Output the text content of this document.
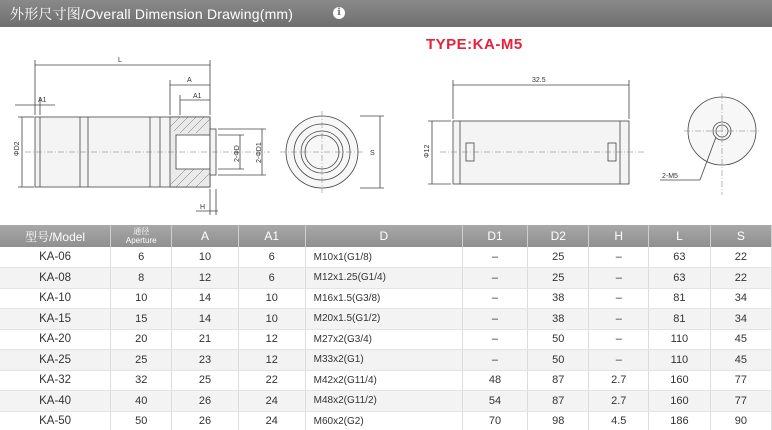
外形尺寸图/Overall Dimension Drawing(mm)	ℹ
TYPE:KA-M5
L
A
A1
A1
ΦD2	2-ΦD 2-ΦD1
H
S
32.5
Φ12
2-M5
型号/Model	通径
Aperture	A	A1	D	D1	D2	H	L	S
KA-06	6	10	6	M10x1(G1/8)	–	25	–	63	22
KA-08	8	12	6	M12x1.25(G1/4)	–	25	–	63	22
KA-10	10	14	10	M16x1.5(G3/8)	–	38	–	81	34
KA-15	15	14	10	M20x1.5(G1/2)	–	38	–	81	34
KA-20	20	21	12	M27x2(G3/4)	–	50	–	110	45
KA-25	25	23	12	M33x2(G1)	–	50	–	110	45
KA-32	32	25	22	M42x2(G11/4)	48	87	2.7	160	77
KA-40	40	26	24	M48x2(G11/2)	54	87	2.7	160	77
KA-50	50	26	24	M60x2(G2)	70	98	4.5	186	90
